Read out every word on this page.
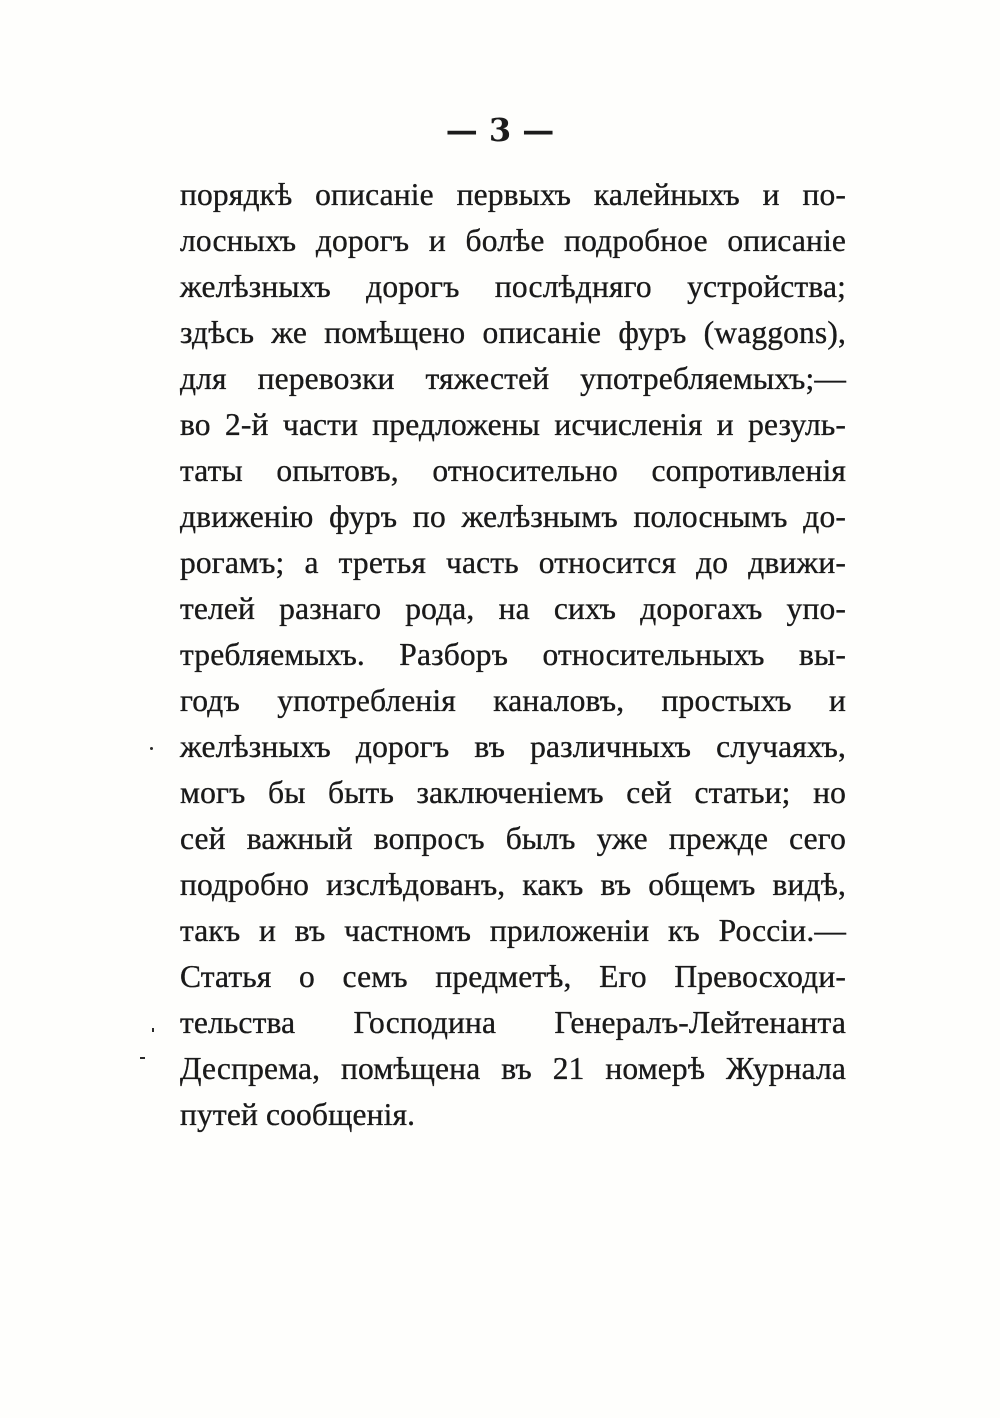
— 3 —
порядкѣ описаніе первыхъ калейныхъ и по-
лосныхъ дорогъ и болѣе подробное описаніе
желѣзныхъ дорогъ послѣдняго устройства;
здѣсь же помѣщено описаніе фуръ (waggons),
для перевозки тяжестей употребляемыхъ;—
во 2-й части предложены исчисленія и резуль-
таты опытовъ, относительно сопротивленія
движенію фуръ по желѣзнымъ полоснымъ до-
рогамъ; а третья часть относится до движи-
телей разнаго рода, на сихъ дорогахъ упо-
требляемыхъ. Разборъ относительныхъ вы-
годъ употребленія каналовъ, простыхъ и
желѣзныхъ дорогъ въ различныхъ случаяхъ,
могъ бы быть заключеніемъ сей статьи; но
сей важный вопросъ былъ уже прежде сего
подробно изслѣдованъ, какъ въ общемъ видѣ,
такъ и въ частномъ приложеніи къ Россіи.—
Статья о семъ предметѣ, Его Превосходи-
тельства Господина Генералъ-Лейтенанта
Деспрема, помѣщена въ 21 номерѣ Журнала
путей сообщенія.
